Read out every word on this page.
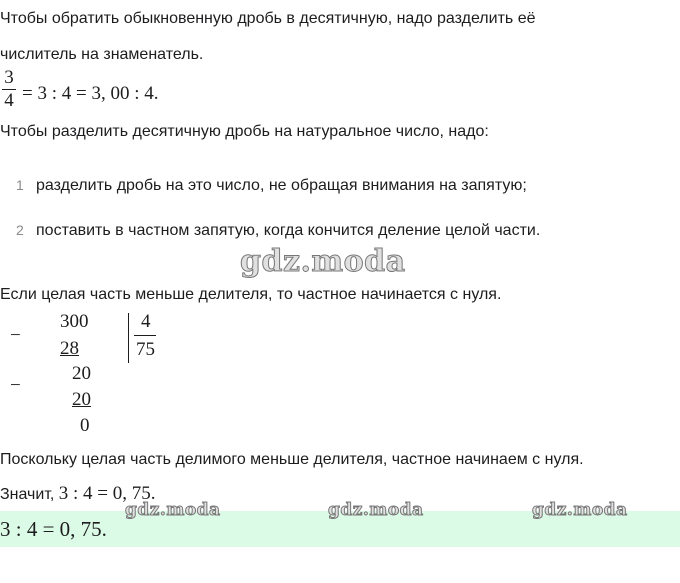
Чтобы обратить обыкновенную дробь в десятичную, надо разделить её
числитель на знаменатель.
3
4 = 3 : 4 = 3, 00 : 4.
Чтобы разделить десятичную дробь на натуральное число, надо:
1 разделить дробь на это число, не обращая внимания на запятую;
2 поставить в частном запятую, когда кончится деление целой части.
gdz.moda
Если целая часть меньше делителя, то частное начинается с нуля.
−
300
28
4
75
−
20
20
0
Поскольку целая часть делимого меньше делителя, частное начинаем с нуля.
Значит, 3 : 4 = 0, 75.
3 : 4 = 0, 75.
gdz.moda	gdz.moda	gdz.moda
